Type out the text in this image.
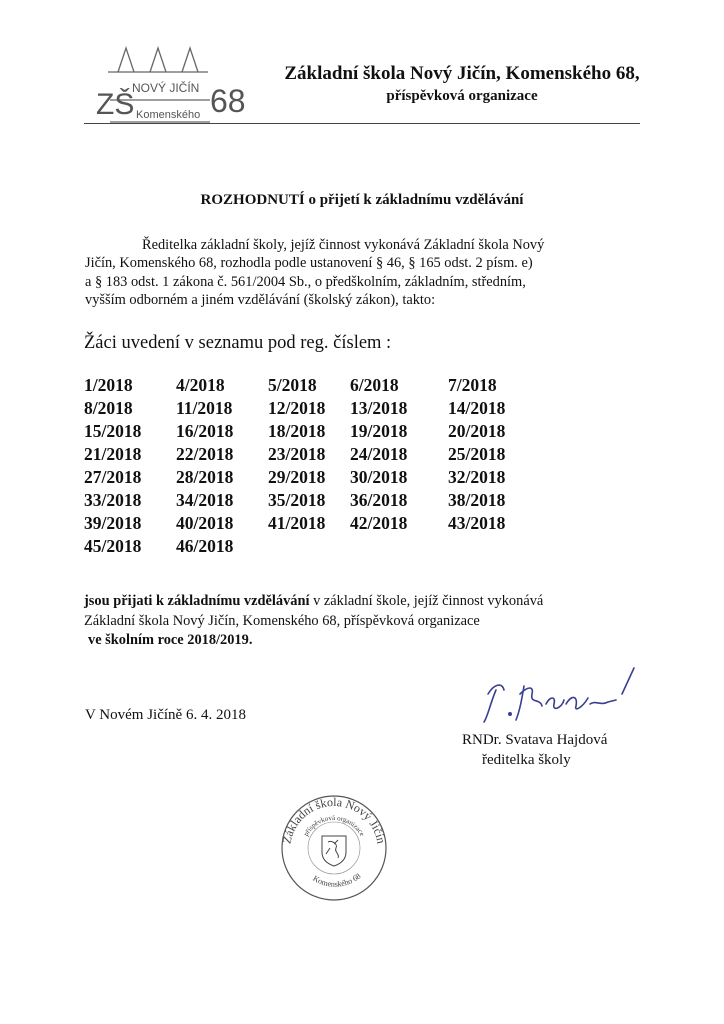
ZŠ
NOVÝ JIČÍN
Komenského 68
Základní škola Nový Jičín, Komenského 68,
příspěvková organizace
ROZHODNUTÍ o přijetí k základnímu vzdělávání

Ředitelka základní školy, jejíž činnost vykonává Základní škola Nový

Jičín, Komenského 68, rozhodla podle ustanovení § 46, § 165 odst. 2 písm. e)

a § 183 odst. 1 zákona č. 561/2004 Sb., o předškolním, základním, středním,

vyšším odborném a jiném vzdělávání (školský zákon), takto:

Žáci uvedení v seznamu pod reg. číslem :
1/2018 4/2018 5/2018 6/2018	7/2018
8/2018 11/2018 12/2018 13/2018 14/2018
15/2018 16/2018 18/2018 19/2018 20/2018
21/2018 22/2018 23/2018 24/2018 25/2018
27/2018 28/2018 29/2018 30/2018 32/2018
33/2018 34/2018 35/2018 36/2018 38/2018
39/2018 40/2018 41/2018 42/2018 43/2018
45/2018 46/2018

jsou přijati k základnímu vzdělávání v základní škole, jejíž činnost vykonává

Základní škola Nový Jičín, Komenského 68, příspěvková organizace

ve školním roce 2018/2019.

V Novém Jičíně 6. 4. 2018
RNDr. Svatava Hajdová
ředitelka školy
Základní škola Nový Jičín
příspěvková organizace
Komenského 68
